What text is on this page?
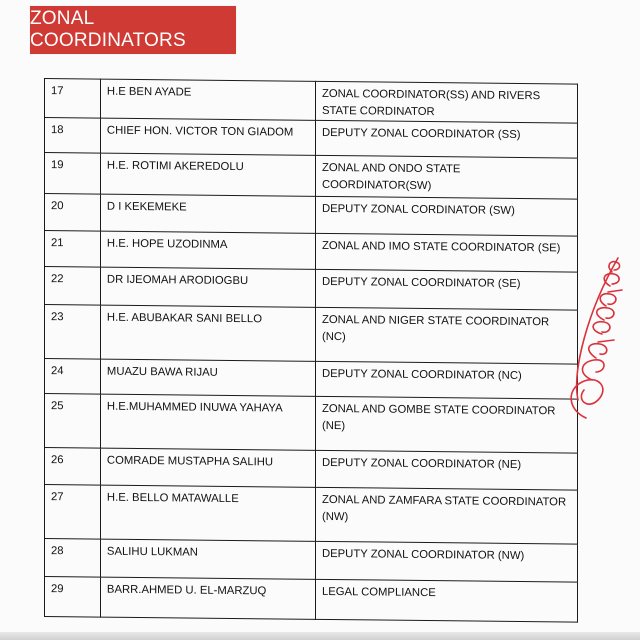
ZONAL COORDINATORS
17	H.E BEN AYADE	ZONAL COORDINATOR(SS) AND RIVERS STATE CORDINATOR
18	CHIEF HON. VICTOR TON GIADOM	DEPUTY ZONAL COORDINATOR (SS)
19	H.E. ROTIMI AKEREDOLU	ZONAL AND ONDO STATE COORDINATOR(SW)
20	D I KEKEMEKE	DEPUTY ZONAL CORDINATOR (SW)
21	H.E. HOPE UZODINMA	ZONAL AND IMO STATE COORDINATOR (SE)
22	DR IJEOMAH ARODIOGBU	DEPUTY ZONAL COORDINATOR (SE)
23	H.E. ABUBAKAR SANI BELLO	ZONAL AND NIGER STATE COORDINATOR (NC)
24	MUAZU BAWA RIJAU	DEPUTY ZONAL COORDINATOR (NC)
25	H.E.MUHAMMED INUWA YAHAYA	ZONAL AND GOMBE STATE COORDINATOR (NE)
26	COMRADE MUSTAPHA SALIHU	DEPUTY ZONAL COORDINATOR (NE)
27	H.E. BELLO MATAWALLE	ZONAL AND ZAMFARA STATE COORDINATOR (NW)
28	SALIHU LUKMAN	DEPUTY ZONAL COORDINATOR (NW)
29	BARR.AHMED U. EL-MARZUQ	LEGAL COMPLIANCE
